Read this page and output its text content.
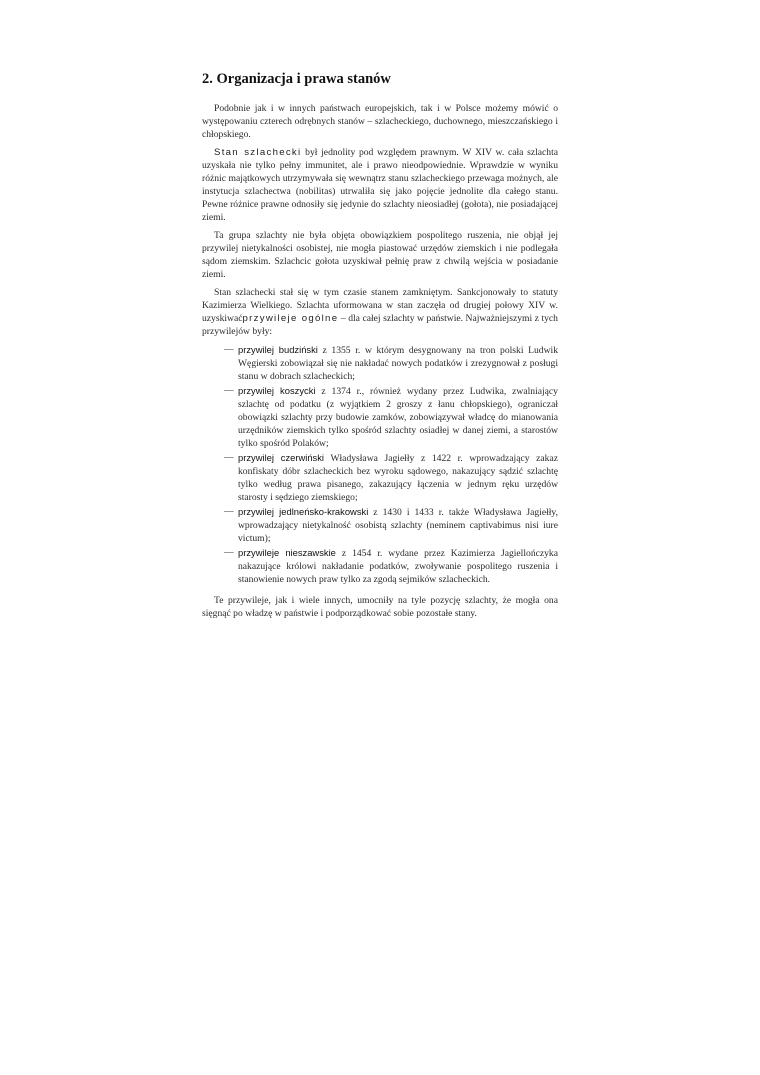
2. Organizacja i prawa stanów

Podobnie jak i w innych państwach europejskich, tak i w Polsce możemy mówić o występowaniu czterech odrębnych stanów – szlacheckiego, duchownego, mieszczańskiego i chłopskiego.

Stan szlachecki był jednolity pod względem prawnym. W XIV w. cała szlachta uzyskała nie tylko pełny immunitet, ale i prawo nieodpowiednie. Wprawdzie w wyniku różnic majątkowych utrzymywała się wewnątrz stanu szlacheckiego przewaga możnych, ale instytucja szlachectwa (nobilitas) utrwaliła się jako pojęcie jednolite dla całego stanu. Pewne różnice prawne odnosiły się jedynie do szlachty nieosiadłej (gołota), nie posiadającej ziemi.

Ta grupa szlachty nie była objęta obowiązkiem pospolitego ruszenia, nie objął jej przywilej nietykalności osobistej, nie mogła piastować urzędów ziemskich i nie podlegała sądom ziemskim. Szlachcic gołota uzyskiwał pełnię praw z chwilą wejścia w posiadanie ziemi.

Stan szlachecki stał się w tym czasie stanem zamkniętym. Sankcjonowały to statuty Kazimierza Wielkiego. Szlachta uformowana w stan zaczęła od drugiej połowy XIV w. uzyskiwaćprzywileje ogólne – dla całej szlachty w państwie. Najważniejszymi z tych przywilejów były:

— przywilej budziński z 1355 r. w którym desygnowany na tron polski Ludwik Węgierski zobowiązał się nie nakładać nowych podatków i zrezygnował z posługi stanu w dobrach szlacheckich;
— przywilej koszycki z 1374 r., również wydany przez Ludwika, zwalniający szlachtę od podatku (z wyjątkiem 2 groszy z łanu chłopskiego), ograniczał obowiązki szlachty przy budowie zamków, zobowiązywał władcę do mianowania urzędników ziemskich tylko spośród szlachty osiadłej w danej ziemi, a starostów tylko spośród Polaków;
— przywilej czerwiński Władysława Jagiełły z 1422 r. wprowadzający zakaz konfiskaty dóbr szlacheckich bez wyroku sądowego, nakazujący sądzić szlachtę tylko według prawa pisanego, zakazujący łączenia w jednym ręku urzędów starosty i sędziego ziemskiego;
— przywilej jedlneńsko-krakowski z 1430 i 1433 r. także Władysława Jagiełły, wprowadzający nietykalność osobistą szlachty (neminem captivabimus nisi iure victum);
— przywileje nieszawskie z 1454 r. wydane przez Kazimierza Jagiellończyka nakazujące królowi nakładanie podatków, zwoływanie pospolitego ruszenia i stanowienie nowych praw tylko za zgodą sejmików szlacheckich.

Te przywileje, jak i wiele innych, umocniły na tyle pozycję szlachty, że mogła ona sięgnąć po władzę w państwie i podporządkować sobie pozostałe stany.
